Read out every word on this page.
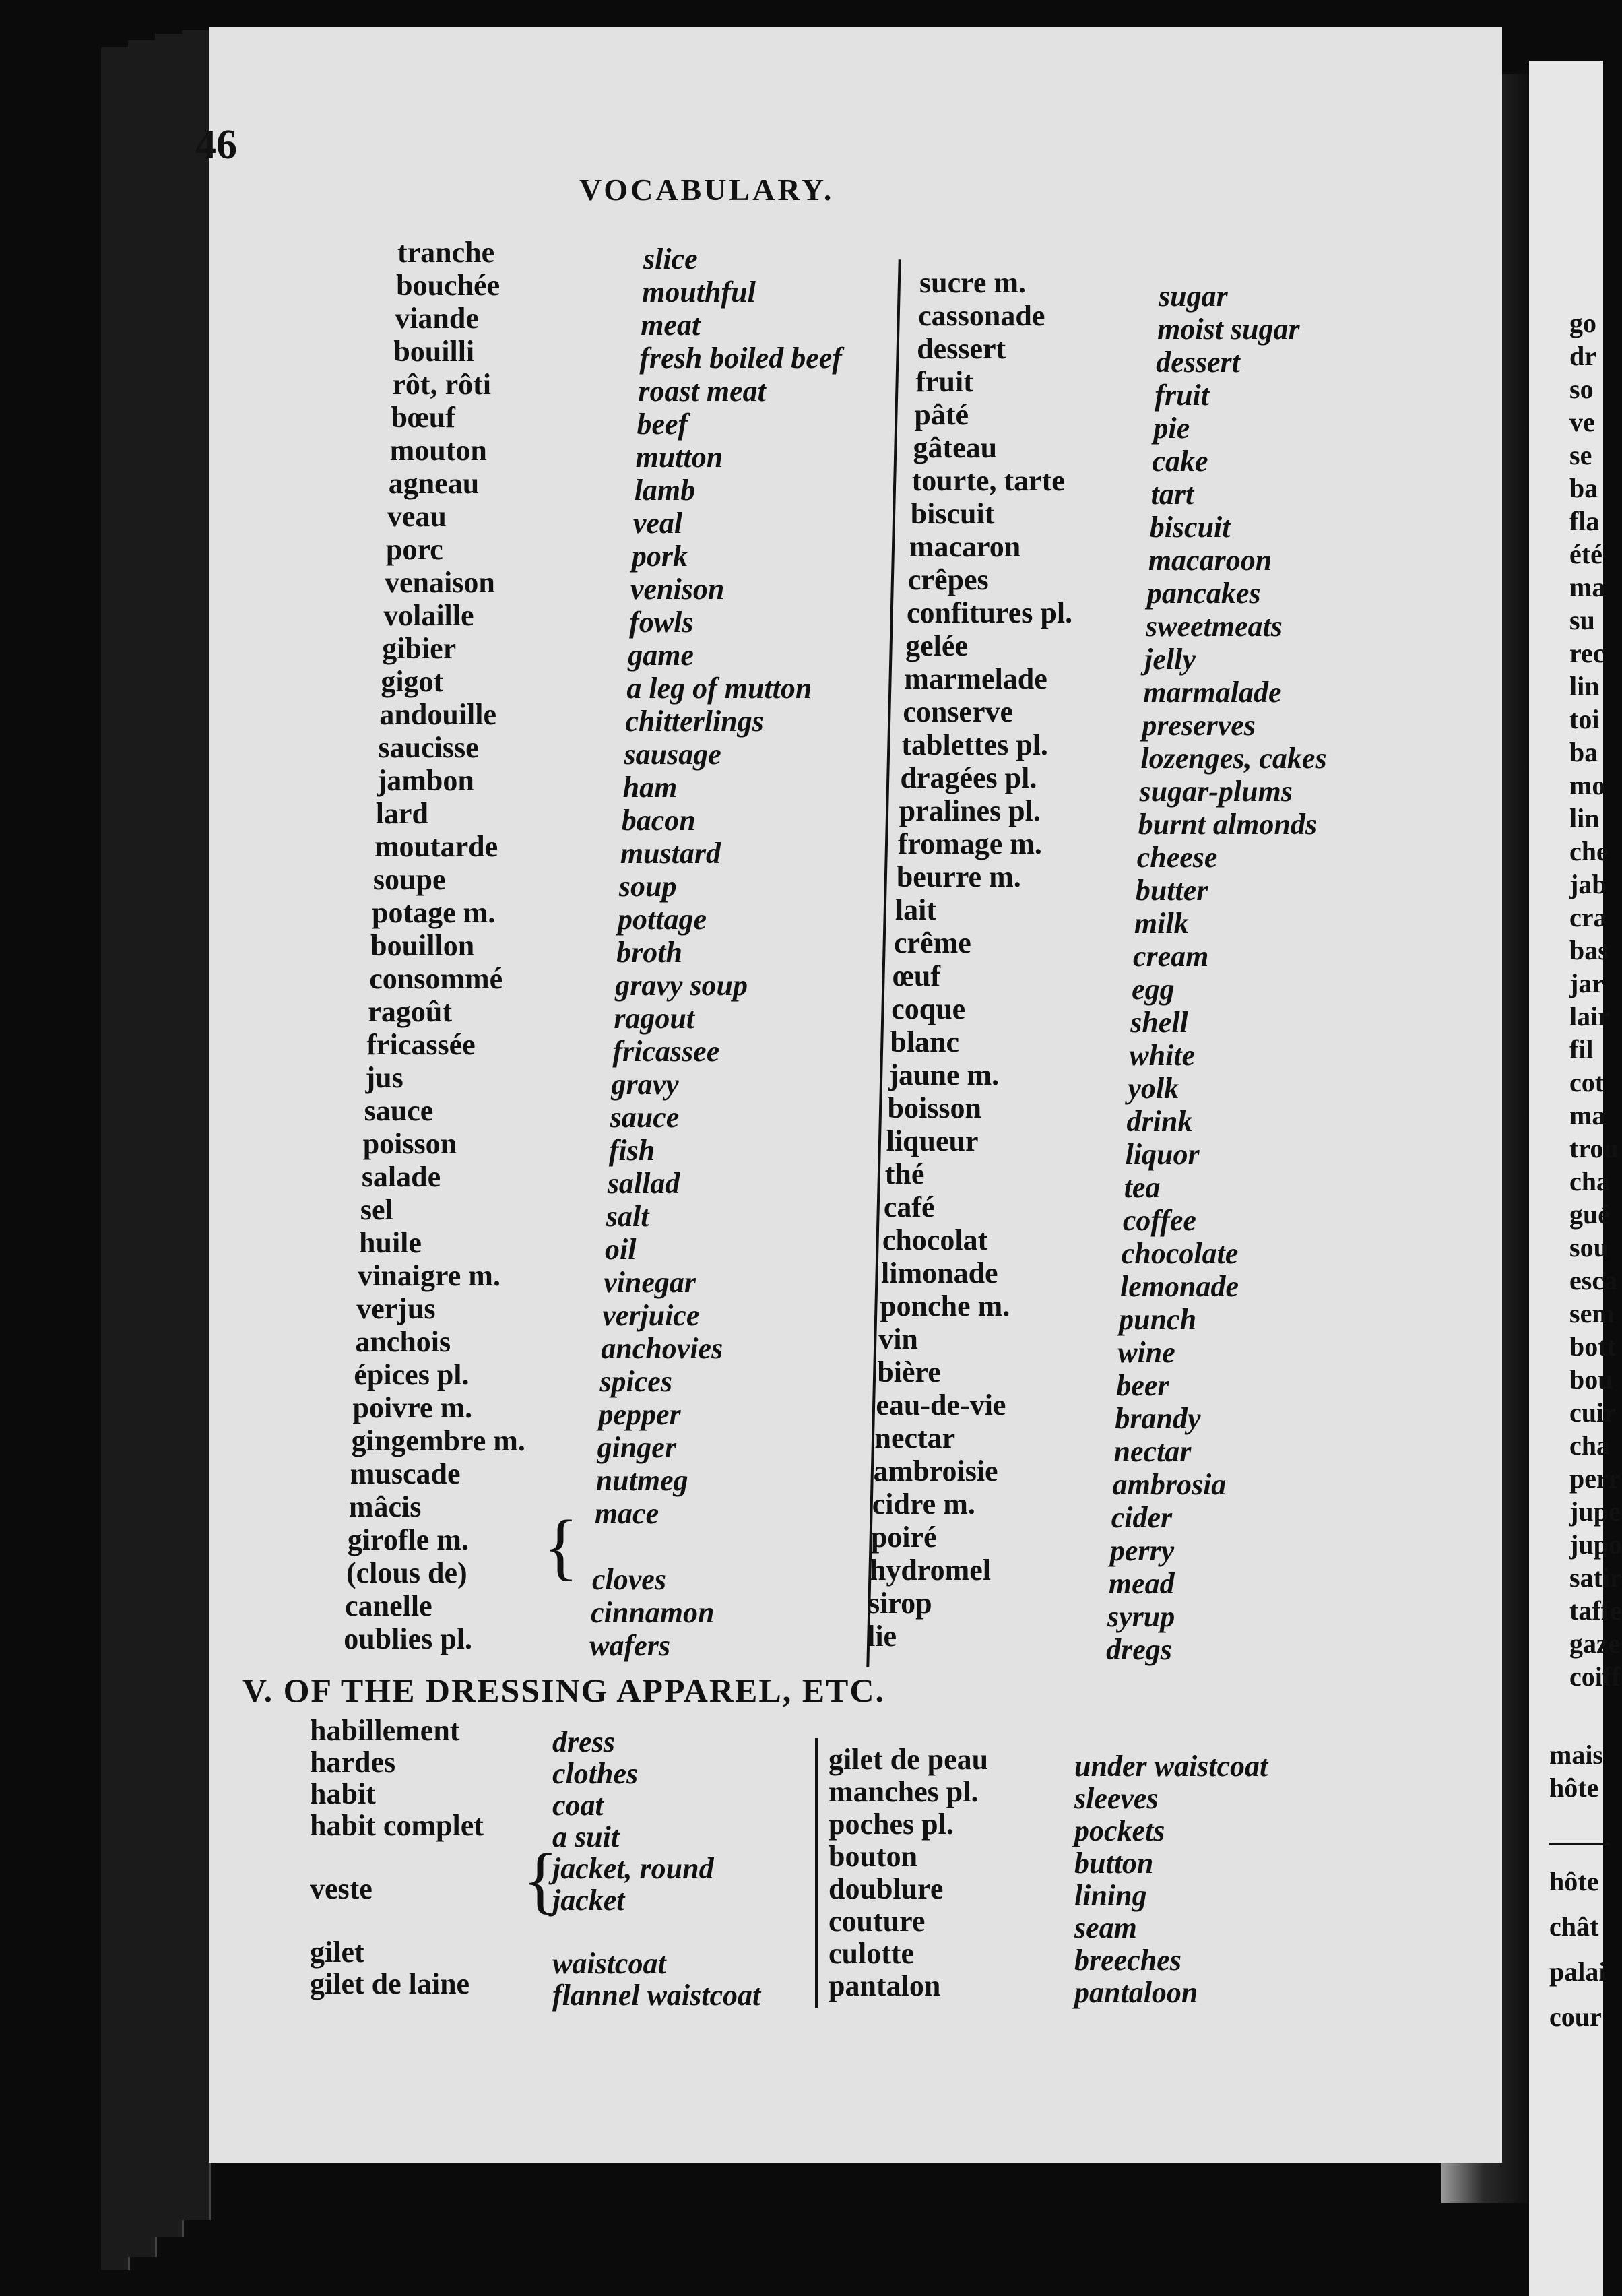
46
VOCABULARY.
tranche
bouchée
viande
bouilli
rôt, rôti
bœuf
mouton
agneau
veau
porc
venaison
volaille
gibier
gigot
andouille
saucisse
jambon
lard
moutarde
soupe
potage m.
bouillon
consommé
ragoût
fricassée
jus
sauce
poisson
salade
sel
huile
vinaigre m.
verjus
anchois
épices pl.
poivre m.
gingembre m.
muscade
mâcis
girofle m.
(clous de)
canelle
oublies pl.
slice
mouthful
meat
fresh boiled beef
roast meat
beef
mutton
lamb
veal
pork
venison
fowls
game
a leg of mutton
chitterlings
sausage
ham
bacon
mustard
soup
pottage
broth
gravy soup
ragout
fricassee
gravy
sauce
fish
sallad
salt
oil
vinegar
verjuice
anchovies
spices
pepper
ginger
nutmeg
mace

cloves
cinnamon
wafers
sucre m.
cassonade
dessert
fruit
pâté
gâteau
tourte, tarte
biscuit
macaron
crêpes
confitures pl.
gelée
marmelade
conserve
tablettes pl.
dragées pl.
pralines pl.
fromage m.
beurre m.
lait
crême
œuf
coque
blanc
jaune m.
boisson
liqueur
thé
café
chocolat
limonade
ponche m.
vin
bière
eau-de-vie
nectar
ambroisie
cidre m.
poiré
hydromel
sirop
lie
sugar
moist sugar
dessert
fruit
pie
cake
tart
biscuit
macaroon
pancakes
sweetmeats
jelly
marmalade
preserves
lozenges, cakes
sugar-plums
burnt almonds
cheese
butter
milk
cream
egg
shell
white
yolk
drink
liquor
tea
coffee
chocolate
lemonade
punch
wine
beer
brandy
nectar
ambrosia
cider
perry
mead
syrup
dregs
{
V. OF THE DRESSING APPAREL, ETC.
habillement
hardes
habit
habit complet

veste

gilet
gilet de laine
dress
clothes
coat
a suit
jacket, round
jacket

waistcoat
flannel waistcoat
gilet de peau
manches pl.
poches pl.
bouton
doublure
couture
culotte
pantalon
under waistcoat
sleeves
pockets
button
lining
seam
breeches
pantaloon
{
go
dr
so
ve
se
ba
fla
été
ma
su
rec
lin
toi
ba
mo
lin
che
jab
cra
bas
jar
lair
fil
cot
ma
trou
cha
gué
sou
esca
sem
bott
bou
cuir
cha
perr
jupe
jupo
satir
taffe
gaze
coiff
mais
hôte
hôte
chât
palai
cour
